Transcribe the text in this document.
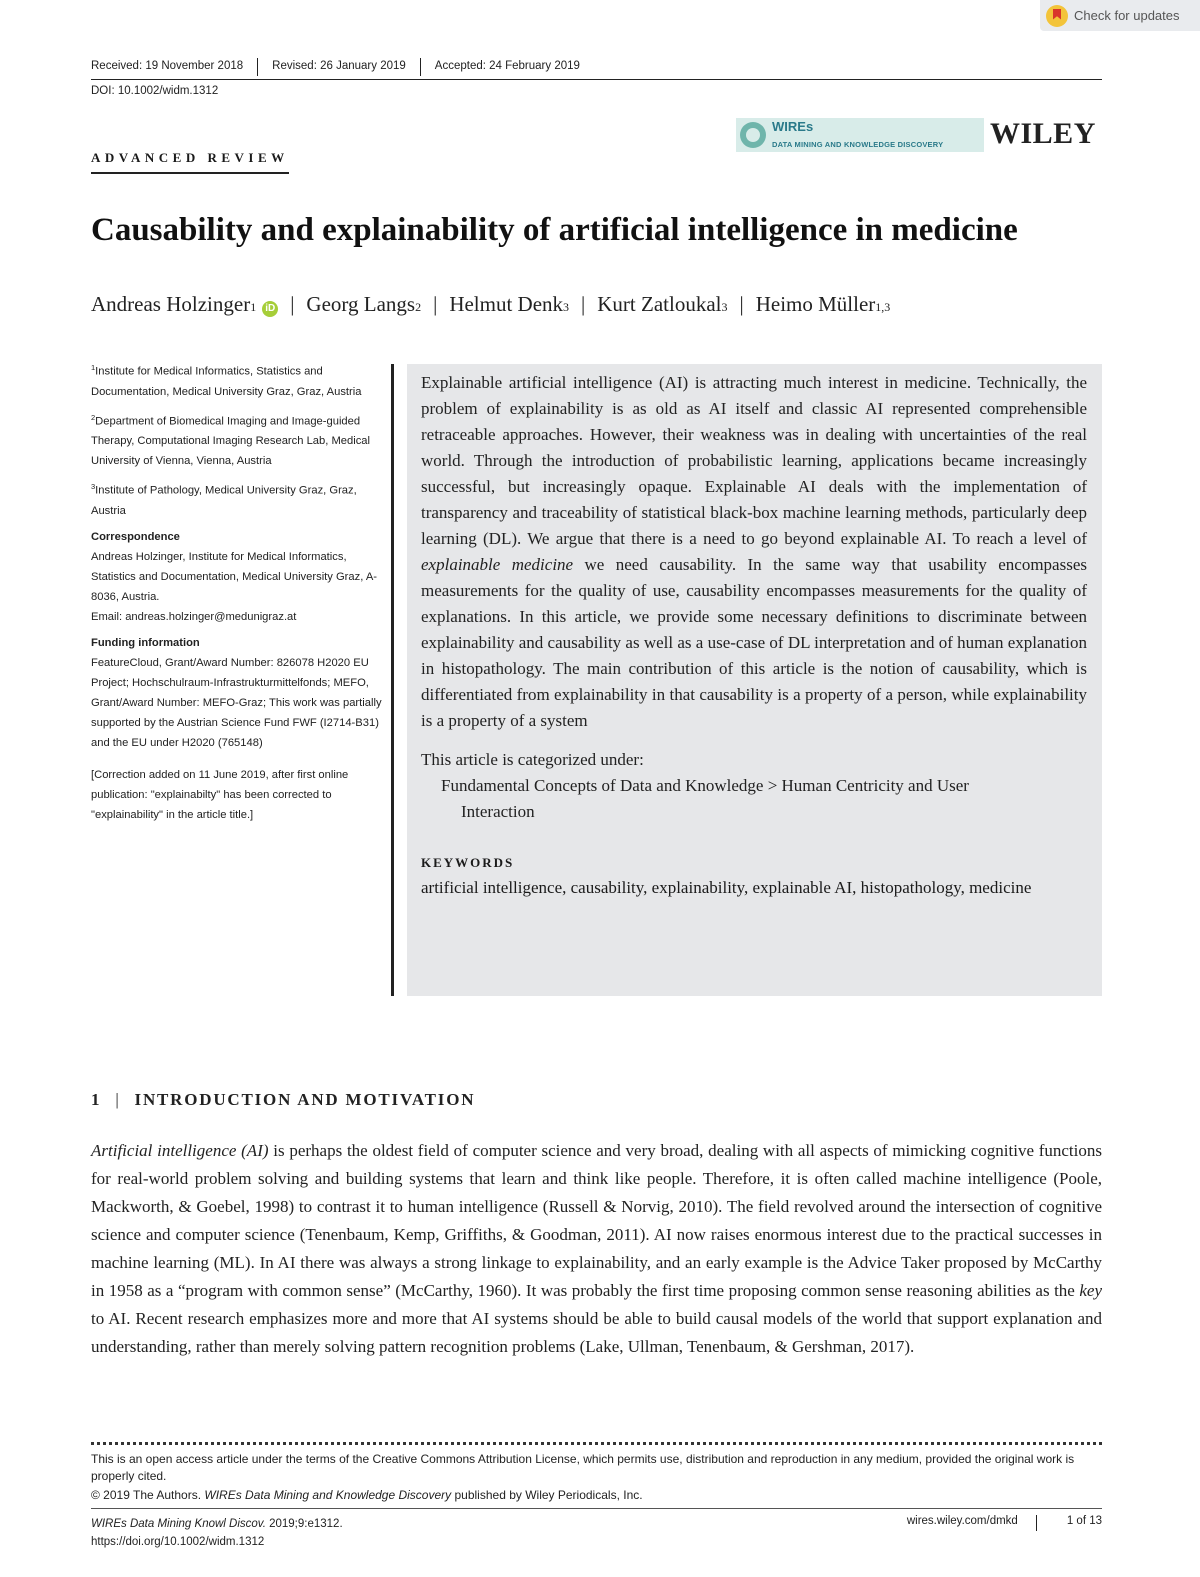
Check for updates
Received: 19 November 2018	Revised: 26 January 2019	Accepted: 24 February 2019
DOI: 10.1002/widm.1312
ADVANCED REVIEW
WIREs
DATA MINING AND KNOWLEDGE DISCOVERY WILEY
Causability and explainability of artificial intelligence in medicine
Andreas Holzinger 1 iD | Georg Langs 2 | Helmut Denk 3 | Kurt Zatloukal 3 | Heimo Müller 1,3

$^1$Institute for Medical Informatics, Statistics and Documentation, Medical University Graz, Graz, Austria

$^2$Department of Biomedical Imaging and Image-guided Therapy, Computational Imaging Research Lab, Medical University of Vienna, Vienna, Austria

$^3$Institute of Pathology, Medical University Graz, Graz, Austria

Correspondence
Andreas Holzinger, Institute for Medical Informatics, Statistics and Documentation, Medical University Graz, A-8036, Austria.

Email: andreas.holzinger@medunigraz.at

Funding information

FeatureCloud, Grant/Award Number: 826078 H2020 EU Project; Hochschulraum-Infrastrukturmittelfonds; MEFO, Grant/Award Number: MEFO-Graz; This work was partially supported by the Austrian Science Fund FWF (I2714-B31) and the EU under H2020 (765148)

[Correction added on 11 June 2019, after first online publication: "explainabilty" has been corrected to "explainability" in the article title.]

Explainable artificial intelligence (AI) is attracting much interest in medicine. Technically, the problem of explainability is as old as AI itself and classic AI represented comprehensible retraceable approaches. However, their weakness was in dealing with uncertainties of the real world. Through the introduction of probabilistic learning, applications became increasingly successful, but increasingly opaque. Explainable AI deals with the implementation of transparency and traceability of statistical black-box machine learning methods, particularly deep learning (DL). We argue that there is a need to go beyond explainable AI. To reach a level of explainable medicine we need causability. In the same way that usability encompasses measurements for the quality of use, causability encompasses measurements for the quality of explanations. In this article, we provide some necessary definitions to discriminate between explainability and causability as well as a use-case of DL interpretation and of human explanation in histopathology. The main contribution of this article is the notion of causability, which is differentiated from explainability in that causability is a property of a person, while explainability is a property of a system
This article is categorized under:
Fundamental Concepts of Data and Knowledge > Human Centricity and User
Interaction
KEYWORDS
artificial intelligence, causability, explainability, explainable AI, histopathology, medicine
1 | INTRODUCTION AND MOTIVATION
Artificial intelligence (AI) is perhaps the oldest field of computer science and very broad, dealing with all aspects of mimicking cognitive functions for real-world problem solving and building systems that learn and think like people. Therefore, it is often called machine intelligence (Poole, Mackworth, & Goebel, 1998) to contrast it to human intelligence (Russell & Norvig, 2010). The field revolved around the intersection of cognitive science and computer science (Tenenbaum, Kemp, Griffiths, & Goodman, 2011). AI now raises enormous interest due to the practical successes in machine learning (ML). In AI there was always a strong linkage to explainability, and an early example is the Advice Taker proposed by McCarthy in 1958 as a “program with common sense” (McCarthy, 1960). It was probably the first time proposing common sense reasoning abilities as the key to AI. Recent research emphasizes more and more that AI systems should be able to build causal models of the world that support explanation and understanding, rather than merely solving pattern recognition problems (Lake, Ullman, Tenenbaum, & Gershman, 2017).
This is an open access article under the terms of the Creative Commons Attribution License, which permits use, distribution and reproduction in any medium, provided the original work is properly cited.
© 2019 The Authors. WIREs Data Mining and Knowledge Discovery published by Wiley Periodicals, Inc.
WIREs Data Mining Knowl Discov. 2019;9:e1312.
https://doi.org/10.1002/widm.1312
wires.wiley.com/dmkd	1 of 13
